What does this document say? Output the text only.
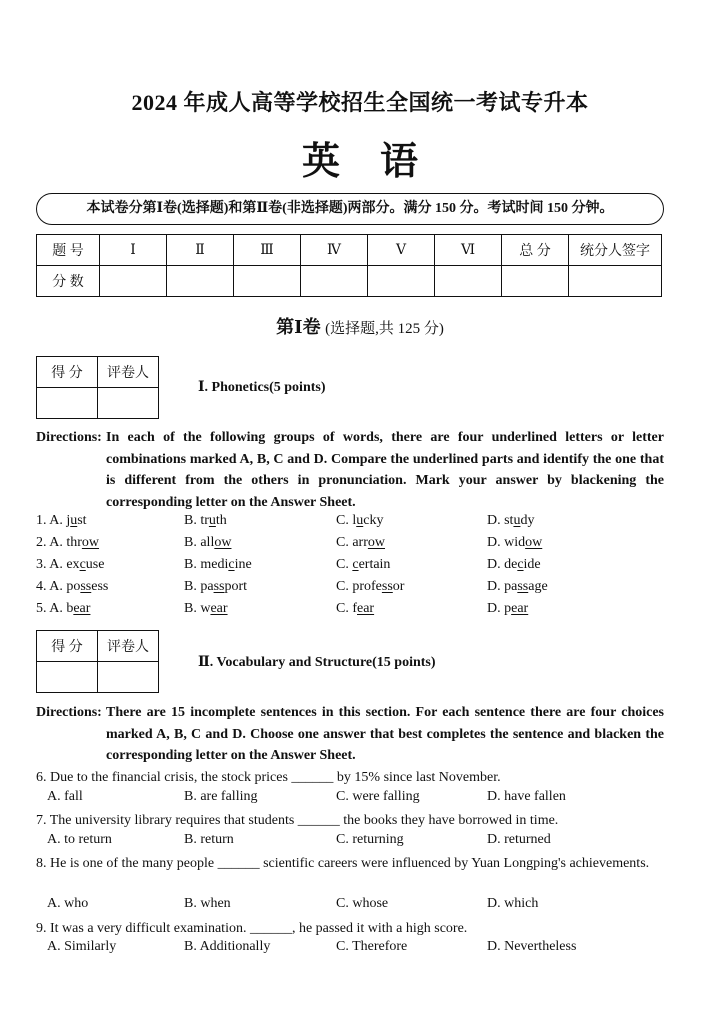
2024 年成人高等学校招生全国统一考试专升本
英语
本试卷分第Ⅰ卷(选择题)和第Ⅱ卷(非选择题)两部分。满分 150 分。考试时间 150 分钟。
题 号	Ⅰ	Ⅱ	Ⅲ	Ⅳ	Ⅴ	Ⅵ	总 分	统分人签字
分 数								
第Ⅰ卷 (选择题,共 125 分)
得 分	评卷人

Ⅰ. Phonetics(5 points)
Directions: In each of the following groups of words, there are four underlined letters or letter combinations marked A, B, C and D. Compare the underlined parts and identify the one that is different from the others in pronunciation. Mark your answer by blackening the corresponding letter on the Answer Sheet.
1. A. just	B. truth	C. lucky	D. study
2. A. throw	B. allow	C. arrow	D. widow
3. A. excuse	B. medicine	C. certain	D. decide
4. A. possess	B. passport	C. professor	D. passage
5. A. bear	B. wear	C. fear	D. pear
得 分	评卷人

Ⅱ. Vocabulary and Structure(15 points)
Directions: There are 15 incomplete sentences in this section. For each sentence there are four choices marked A, B, C and D. Choose one answer that best completes the sentence and blacken the corresponding letter on the Answer Sheet.
6. Due to the financial crisis, the stock prices ______ by 15% since last November.
A. fall	B. are falling	C. were falling	D. have fallen
7. The university library requires that students ______ the books they have borrowed in time.
A. to return	B. return	C. returning	D. returned
8. He is one of the many people ______ scientific careers were influenced by Yuan Longping's achievements.
A. who	B. when	C. whose	D. which
9. It was a very difficult examination. ______, he passed it with a high score.
A. Similarly	B. Additionally	C. Therefore	D. Nevertheless
